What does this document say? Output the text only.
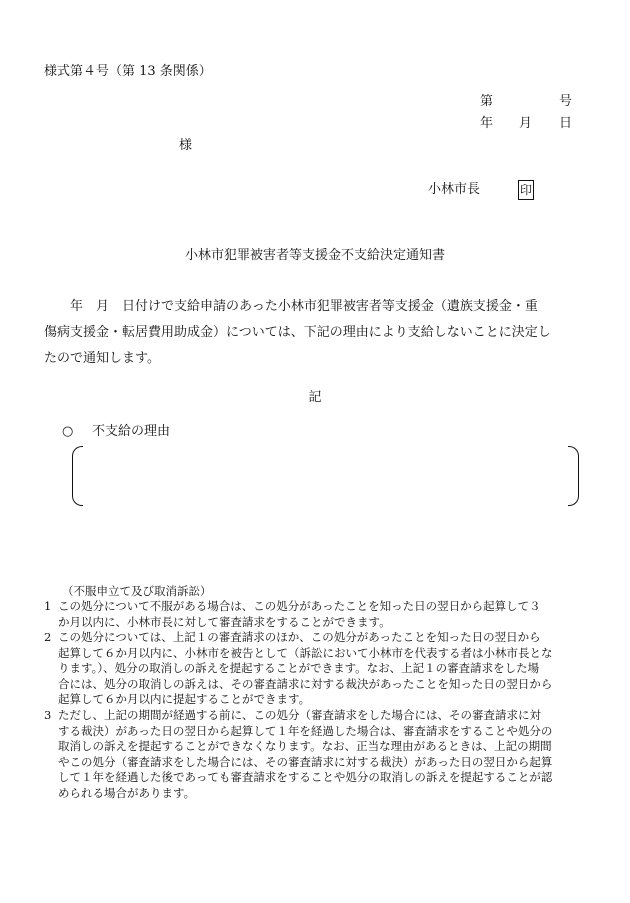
様式第４号（第 13 条関係）
第	号
年 月 日
様
小林市長	印
小林市犯罪被害者等支援金不支給決定通知書
　　年　月　日付けで支給申請のあった小林市犯罪被害者等支援金（遺族支援金・重
傷病支援金・転居費用助成金）については、下記の理由により支給しないことに決定し
たので通知します。
記
○ 不支給の理由
（不服申立て及び取消訴訟）
1 この処分について不服がある場合は、この処分があったことを知った日の翌日から起算して３
か月以内に、小林市長に対して審査請求をすることができます。
2 この処分については、上記１の審査請求のほか、この処分があったことを知った日の翌日から
起算して６か月以内に、小林市を被告として（訴訟において小林市を代表する者は小林市長とな
ります。）、処分の取消しの訴えを提起することができます。なお、上記１の審査請求をした場
合には、処分の取消しの訴えは、その審査請求に対する裁決があったことを知った日の翌日から
起算して６か月以内に提起することができます。
3 ただし、上記の期間が経過する前に、この処分（審査請求をした場合には、その審査請求に対
する裁決）があった日の翌日から起算して１年を経過した場合は、審査請求をすることや処分の
取消しの訴えを提起することができなくなります。なお、正当な理由があるときは、上記の期間
やこの処分（審査請求をした場合には、その審査請求に対する裁決）があった日の翌日から起算
して１年を経過した後であっても審査請求をすることや処分の取消しの訴えを提起することが認
められる場合があります。
